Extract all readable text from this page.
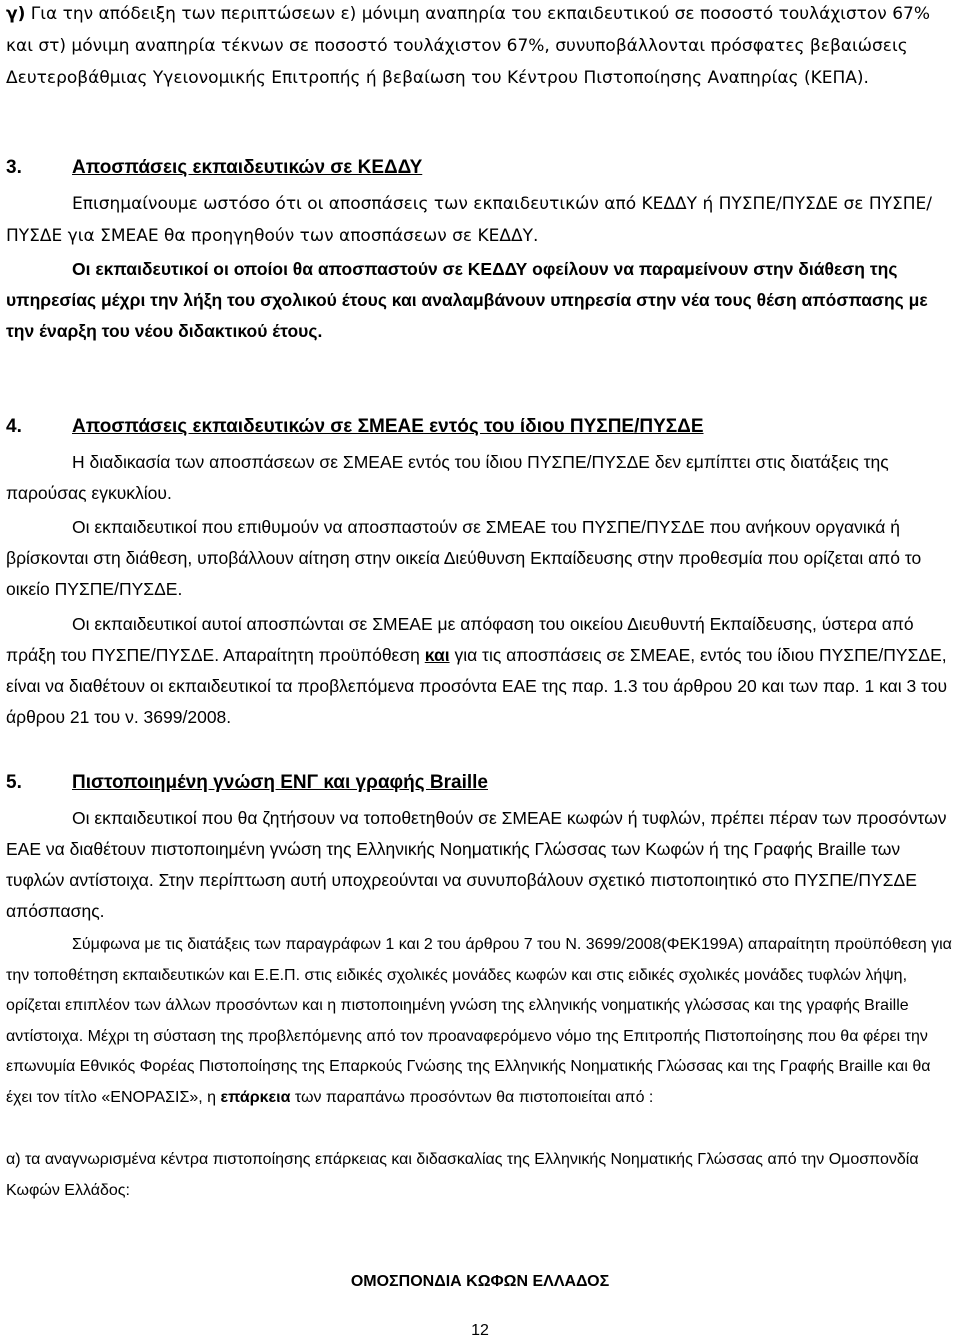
γ) Για την απόδειξη των περιπτώσεων ε) μόνιμη αναπηρία του εκπαιδευτικού σε ποσοστό τουλάχιστον 67% και στ) μόνιμη αναπηρία τέκνων σε ποσοστό τουλάχιστον 67%, συνυποβάλλονται πρόσφατες βεβαιώσεις Δευτεροβάθμιας Υγειονομικής Επιτροπής ή βεβαίωση του Κέντρου Πιστοποίησης Αναπηρίας (ΚΕΠΑ).

3.	Αποσπάσεις εκπαιδευτικών σε ΚΕΔΔΥ

Επισημαίνουμε ωστόσο ότι οι αποσπάσεις των εκπαιδευτικών από ΚΕΔΔΥ ή ΠΥΣΠΕ/ΠΥΣΔΕ σε ΠΥΣΠΕ/ΠΥΣΔΕ για ΣΜΕΑΕ θα προηγηθούν των αποσπάσεων σε ΚΕΔΔΥ.

Οι εκπαιδευτικοί οι οποίοι θα αποσπαστούν σε ΚΕΔΔΥ οφείλουν να παραμείνουν στην διάθεση της υπηρεσίας μέχρι την λήξη του σχολικού έτους και αναλαμβάνουν υπηρεσία στην νέα τους θέση απόσπασης με την έναρξη του νέου διδακτικού έτους.

4.	Αποσπάσεις εκπαιδευτικών σε ΣΜΕΑΕ εντός του ίδιου ΠΥΣΠΕ/ΠΥΣΔΕ

Η διαδικασία των αποσπάσεων σε ΣΜΕΑΕ εντός του ίδιου ΠΥΣΠΕ/ΠΥΣΔΕ δεν εμπίπτει στις διατάξεις της παρούσας εγκυκλίου.

Οι εκπαιδευτικοί που επιθυμούν να αποσπαστούν σε ΣΜΕΑΕ του ΠΥΣΠΕ/ΠΥΣΔΕ που ανήκουν οργανικά ή βρίσκονται στη διάθεση, υποβάλλουν αίτηση στην οικεία Διεύθυνση Εκπαίδευσης στην προθεσμία που ορίζεται από το οικείο ΠΥΣΠΕ/ΠΥΣΔΕ.

Οι εκπαιδευτικοί αυτοί αποσπώνται σε ΣΜΕΑΕ με απόφαση του οικείου Διευθυντή Εκπαίδευσης, ύστερα από πράξη του ΠΥΣΠΕ/ΠΥΣΔΕ. Απαραίτητη προϋπόθεση και για τις αποσπάσεις σε ΣΜΕΑΕ, εντός του ίδιου ΠΥΣΠΕ/ΠΥΣΔΕ, είναι να διαθέτουν οι εκπαιδευτικοί τα προβλεπόμενα προσόντα ΕΑΕ της παρ. 1.3 του άρθρου 20 και των παρ. 1 και 3 του άρθρου 21 του ν. 3699/2008.

5.	Πιστοποιημένη γνώση ΕΝΓ και γραφής Braille

Οι εκπαιδευτικοί που θα ζητήσουν να τοποθετηθούν σε ΣΜΕΑΕ κωφών ή τυφλών, πρέπει πέραν των προσόντων ΕΑΕ να διαθέτουν πιστοποιημένη γνώση της Ελληνικής Νοηματικής Γλώσσας των Κωφών ή της Γραφής Braille των τυφλών αντίστοιχα. Στην περίπτωση αυτή υποχρεούνται να συνυποβάλουν σχετικό πιστοποιητικό στο ΠΥΣΠΕ/ΠΥΣΔΕ απόσπασης.

Σύμφωνα με τις διατάξεις των παραγράφων 1 και 2 του άρθρου 7 του Ν. 3699/2008(ΦΕΚ199Α) απαραίτητη προϋπόθεση για την τοποθέτηση εκπαιδευτικών και Ε.Ε.Π. στις ειδικές σχολικές μονάδες κωφών και στις ειδικές σχολικές μονάδες τυφλών λήψη, ορίζεται επιπλέον των άλλων προσόντων και η πιστοποιημένη γνώση της ελληνικής νοηματικής γλώσσας και της γραφής Braille αντίστοιχα. Μέχρι τη σύσταση της προβλεπόμενης από τον προαναφερόμενο νόμο της Επιτροπής Πιστοποίησης που θα φέρει την επωνυμία Εθνικός Φορέας Πιστοποίησης της Επαρκούς Γνώσης της Ελληνικής Νοηματικής Γλώσσας και της Γραφής Braille και θα έχει τον τίτλο «ΕΝΟΡΑΣΙΣ», η επάρκεια των παραπάνω προσόντων θα πιστοποιείται από :

α) τα αναγνωρισμένα κέντρα πιστοποίησης επάρκειας και διδασκαλίας της Ελληνικής Νοηματικής Γλώσσας από την Ομοσπονδία Κωφών Ελλάδος:

ΟΜΟΣΠΟΝΔΙΑ ΚΩΦΩΝ ΕΛΛΑΔΟΣ
12
